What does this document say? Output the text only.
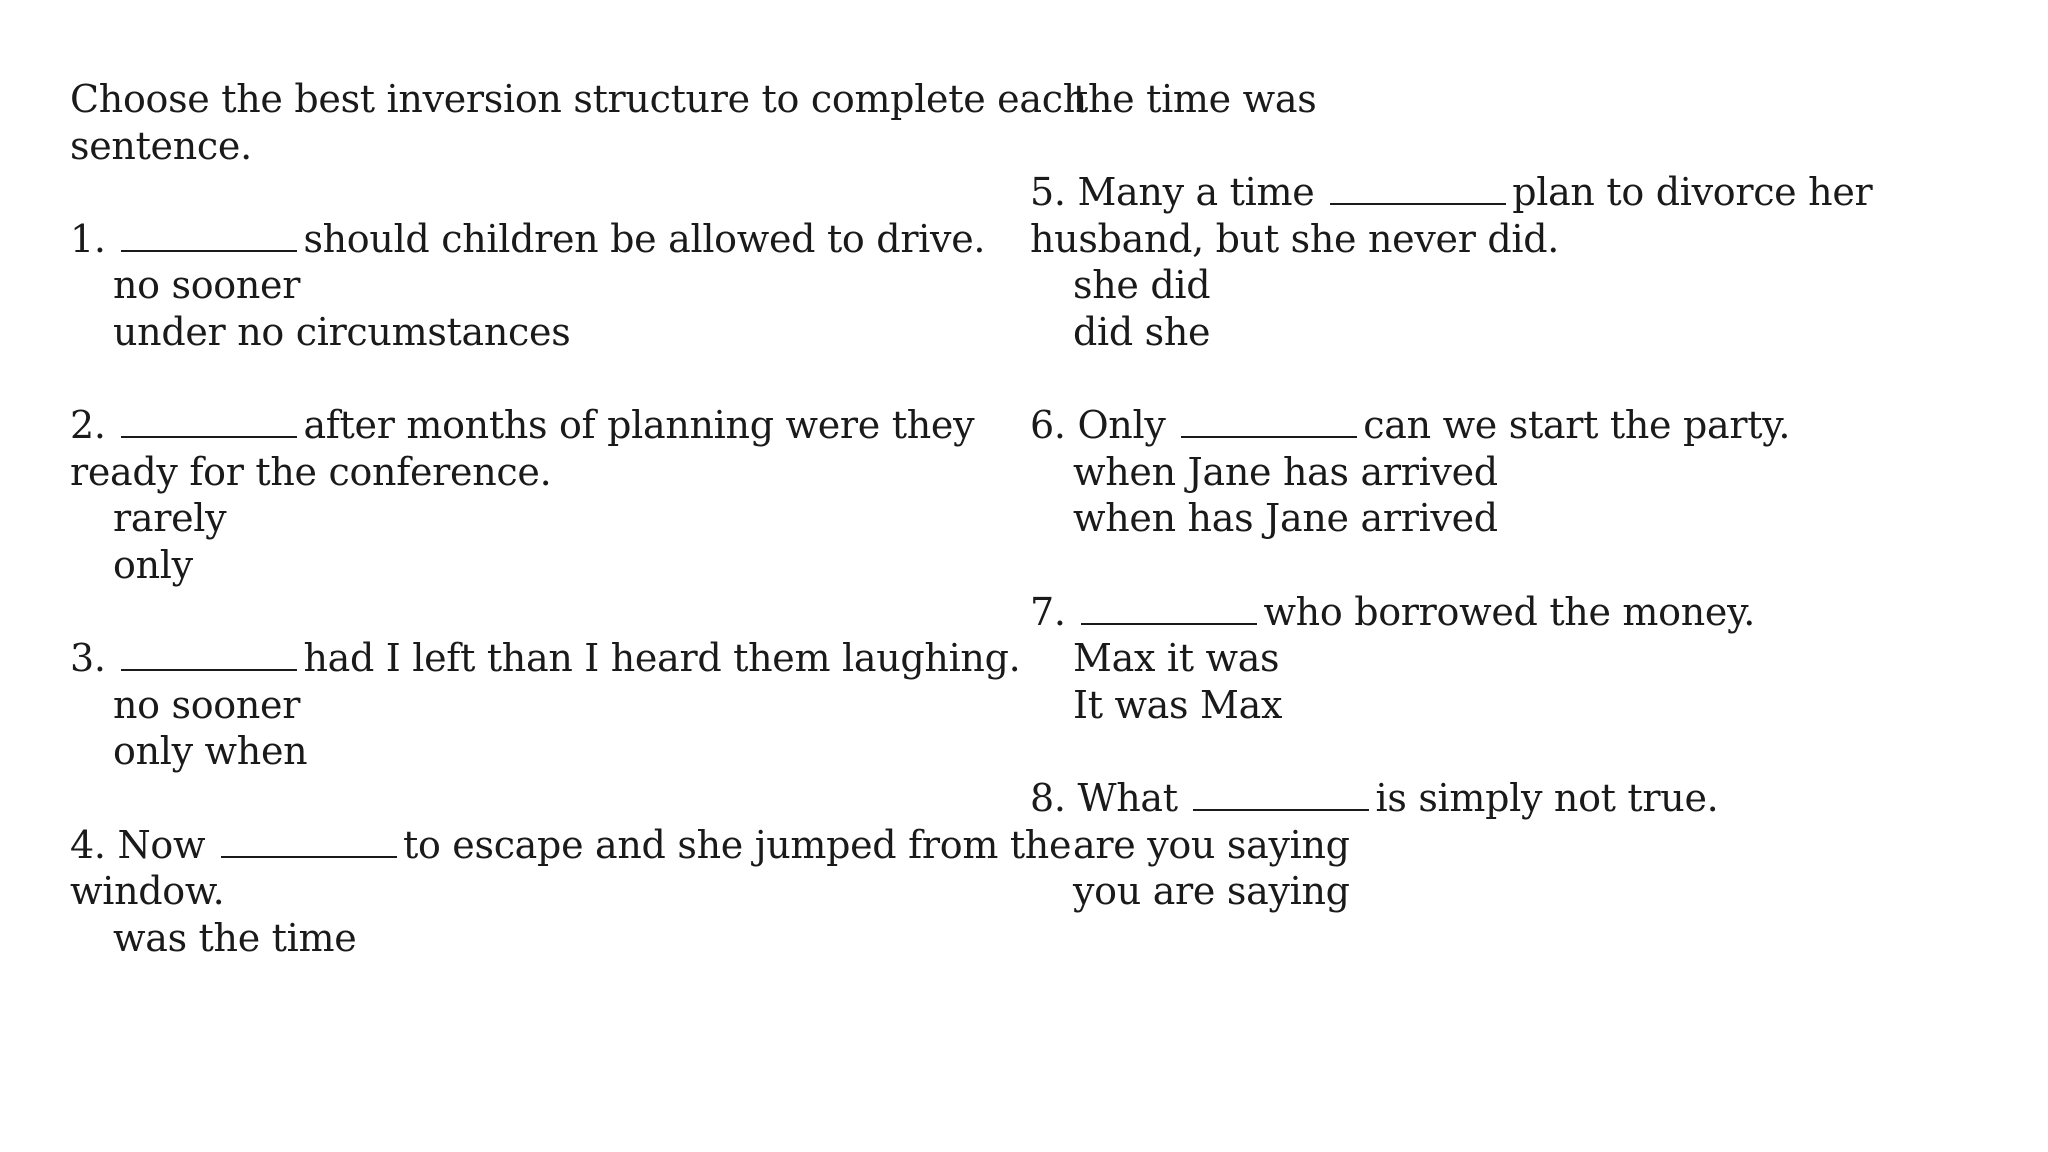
Choose the best inversion structure to complete each
sentence.
1.	should children be allowed to drive.
no sooner
under no circumstances
2.	after months of planning were they
ready for the conference.
rarely
only
3.	had I left than I heard them laughing.
no sooner
only when
4. Now	to escape and she jumped from the
window.
was the time
the time was
5. Many a time	plan to divorce her
husband, but she never did.
she did
did she
6. Only	can we start the party.
when Jane has arrived
when has Jane arrived
7.	who borrowed the money.
Max it was
It was Max
8. What	is simply not true.
are you saying
you are saying
